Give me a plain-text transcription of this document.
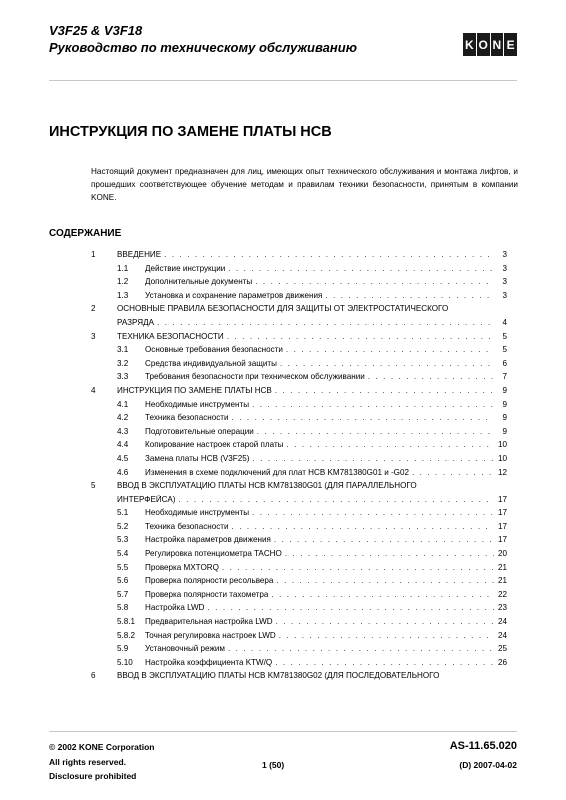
V3F25 & V3F18
Руководство по техническому обслуживанию	K O N E
ИНСТРУКЦИЯ ПО ЗАМЕНЕ ПЛАТЫ HCB
Настоящий документ предназначен для лиц, имеющих опыт технического обслуживания и монтажа лифтов, и прошедших соответствующее обучение методам и правилам техники безопасности, принятым в компании KONE.
СОДЕРЖАНИЕ
1	ВВЕДЕНИЕ . . .	3
1.1	Действие инструкции . . .	3
1.2	Дополнительные документы . . .	3
1.3	Установка и сохранение параметров движения . . .	3
2	ОСНОВНЫЕ ПРАВИЛА БЕЗОПАСНОСТИ ДЛЯ ЗАЩИТЫ ОТ ЭЛЕКТРОСТАТИЧЕСКОГО
РАЗРЯДА . . .	4
3	ТЕХНИКА БЕЗОПАСНОСТИ . . .	5
3.1	Основные требования безопасности . . .	5
3.2	Средства индивидуальной защиты . . .	6
3.3	Требования безопасности при техническом обслуживании . . .	7
4	ИНСТРУКЦИЯ ПО ЗАМЕНЕ ПЛАТЫ HCB . . .	9
4.1	Необходимые инструменты . . .	9
4.2	Техника безопасности . . .	9
4.3	Подготовительные операции . . .	9
4.4	Копирование настроек старой платы . . .	10
4.5	Замена платы HCB (V3F25) . . .	10
4.6	Изменения в схеме подключений для плат HCB KM781380G01 и -G02 . . .	12
5	ВВОД В ЭКСПЛУАТАЦИЮ ПЛАТЫ HCB KM781380G01 (ДЛЯ ПАРАЛЛЕЛЬНОГО
ИНТЕРФЕЙСА) . . .	17
5.1	Необходимые инструменты . . .	17
5.2	Техника безопасности . . .	17
5.3	Настройка параметров движения . . .	17
5.4	Регулировка потенциометра TACHO . . .	20
5.5	Проверка MXTORQ . . .	21
5.6	Проверка полярности ресольвера . . .	21
5.7	Проверка полярности тахометра . . .	22
5.8	Настройка LWD . . .	23
5.8.1	Предварительная настройка LWD . . .	24
5.8.2	Точная регулировка настроек LWD . . .	24
5.9	Установочный режим . . .	25
5.10	Настройка коэффициента KTW/Q . . .	26
6	ВВОД В ЭКСПЛУАТАЦИЮ ПЛАТЫ HCB KM781380G02 (ДЛЯ ПОСЛЕДОВАТЕЛЬНОГО
© 2002 KONE Corporation
All rights reserved.
Disclosure prohibited
1 (50)
AS-11.65.020
(D) 2007-04-02
